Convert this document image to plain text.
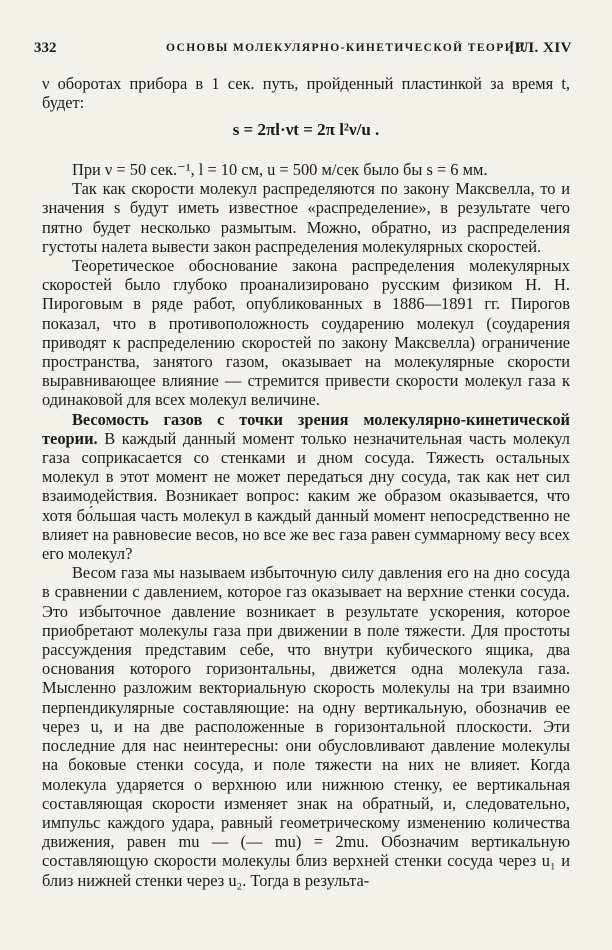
332	ОСНОВЫ МОЛЕКУЛЯРНО-КИНЕТИЧЕСКОЙ ТЕОРИИ
[ГЛ. XIV

ν оборотах прибора в 1 сек. путь, пройденный пластинкой за время t, будет:

s = 2πl·νt = 2π l²ν/u .

При ν = 50 сек.⁻¹, l = 10 см, u = 500 м/сек было бы s = 6 мм.

Так как скорости молекул распределяются по закону Максвелла, то и значения s будут иметь известное «распределение», в результате чего пятно будет несколько размытым. Можно, обратно, из распределения густоты налета вывести закон распределения молекулярных скоростей.

Теоретическое обоснование закона распределения молекулярных скоростей было глубоко проанализировано русским физиком Н. Н. Пироговым в ряде работ, опубликованных в 1886—1891 гг. Пирогов показал, что в противоположность соударению молекул (соударения приводят к распределению скоростей по закону Максвелла) ограничение пространства, занятого газом, оказывает на молекулярные скорости выравнивающее влияние — стремится привести скорости молекул газа к одинаковой для всех молекул величине.

Весомость газов с точки зрения молекулярно-кинетической теории. В каждый данный момент только незначительная часть молекул газа соприкасается со стенками и дном сосуда. Тяжесть остальных молекул в этот момент не может передаться дну сосуда, так как нет сил взаимодействия. Возникает вопрос: каким же образом оказывается, что хотя бо́льшая часть молекул в каждый данный момент непосредственно не влияет на равновесие весов, но все же вес газа равен суммарному весу всех его молекул?

Весом газа мы называем избыточную силу давления его на дно сосуда в сравнении с давлением, которое газ оказывает на верхние стенки сосуда. Это избыточное давление возникает в результате ускорения, которое приобретают молекулы газа при движении в поле тяжести. Для простоты рассуждения представим себе, что внутри кубического ящика, два основания которого горизонтальны, движется одна молекула газа. Мысленно разложим векториальную скорость молекулы на три взаимно перпендикулярные составляющие: на одну вертикальную, обозначив ее через u, и на две расположенные в горизонтальной плоскости. Эти последние для нас неинтересны: они обусловливают давление молекулы на боковые стенки сосуда, и поле тяжести на них не влияет. Когда молекула ударяется о верхнюю или нижнюю стенку, ее вертикальная составляющая скорости изменяет знак на обратный, и, следовательно, импульс каждого удара, равный геометрическому изменению количества движения, равен mu — (— mu) = 2mu. Обозначим вертикальную составляющую скорости молекулы близ верхней стенки сосуда через u₁ и близ нижней стенки через u₂. Тогда в результа-
